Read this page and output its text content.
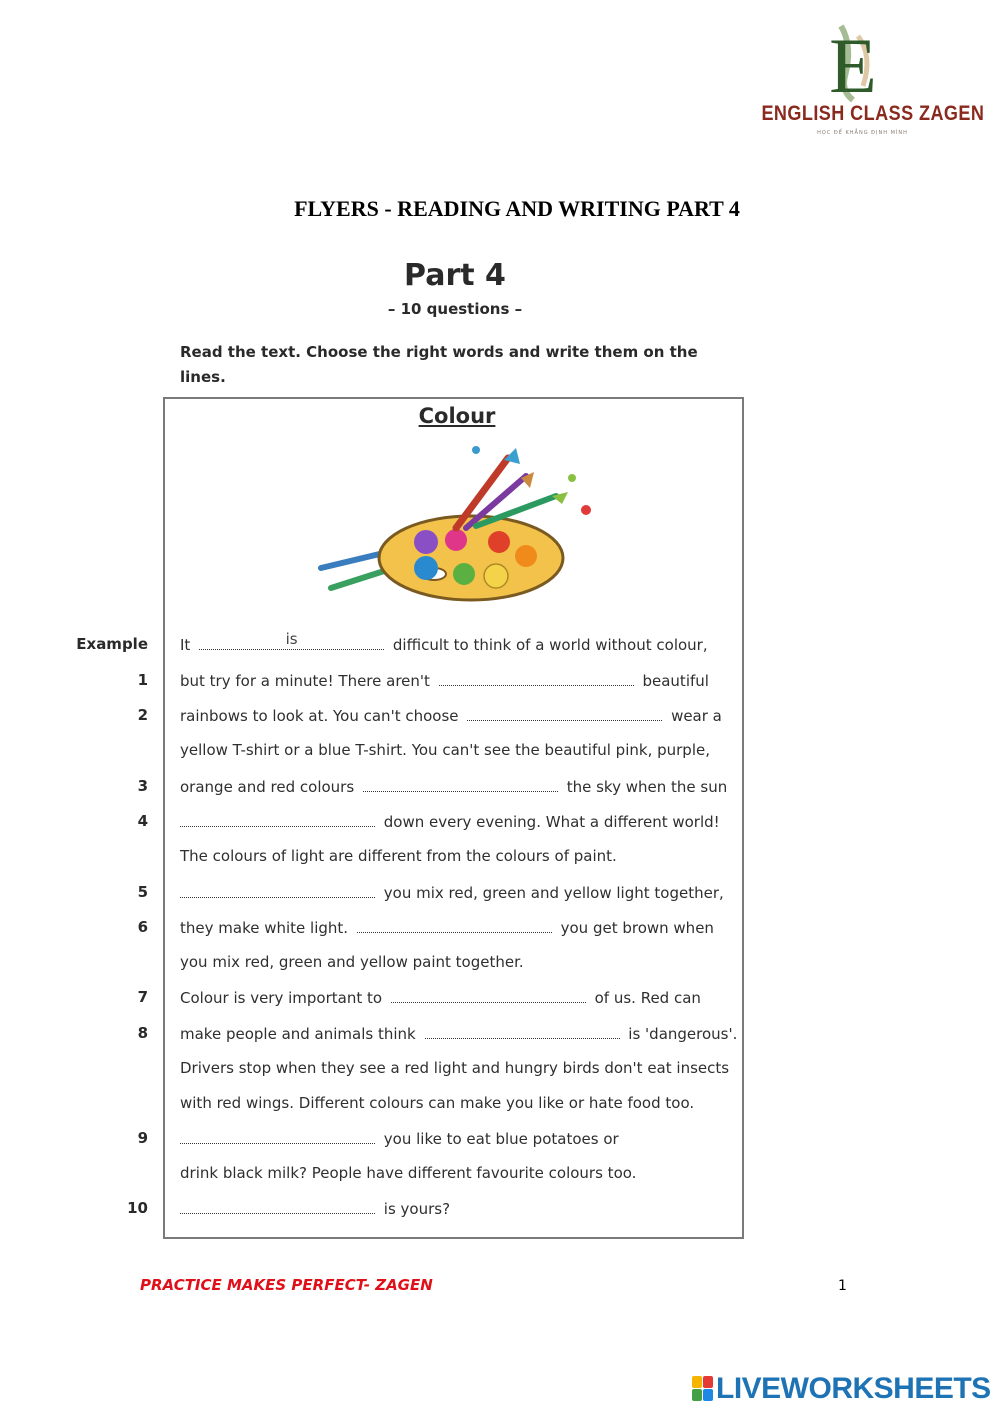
E
ENGLISH CLASS ZAGEN
HỌC ĐỂ KHẲNG ĐỊNH MÌNH
FLYERS - READING AND WRITING PART 4
Part 4
– 10 questions –
Read the text. Choose the right words and write them on the lines.
Colour
Example
1
2
3
4
5
6
7
8
9
10
It	is	difficult to think of a world without colour,
but try for a minute! There aren't	beautiful
rainbows to look at. You can't choose	wear a
yellow T-shirt or a blue T-shirt. You can't see the beautiful pink, purple,
orange and red colours	the sky when the sun
down every evening. What a different world!
The colours of light are different from the colours of paint.
you mix red, green and yellow light together,
they make white light.	you get brown when
you mix red, green and yellow paint together.
Colour is very important to	of us. Red can
make people and animals think	is 'dangerous'.
Drivers stop when they see a red light and hungry birds don't eat insects
with red wings. Different colours can make you like or hate food too.
you like to eat blue potatoes or
drink black milk? People have different favourite colours too.
is yours?
PRACTICE MAKES PERFECT- ZAGEN	1
LIVEWORKSHEETS
